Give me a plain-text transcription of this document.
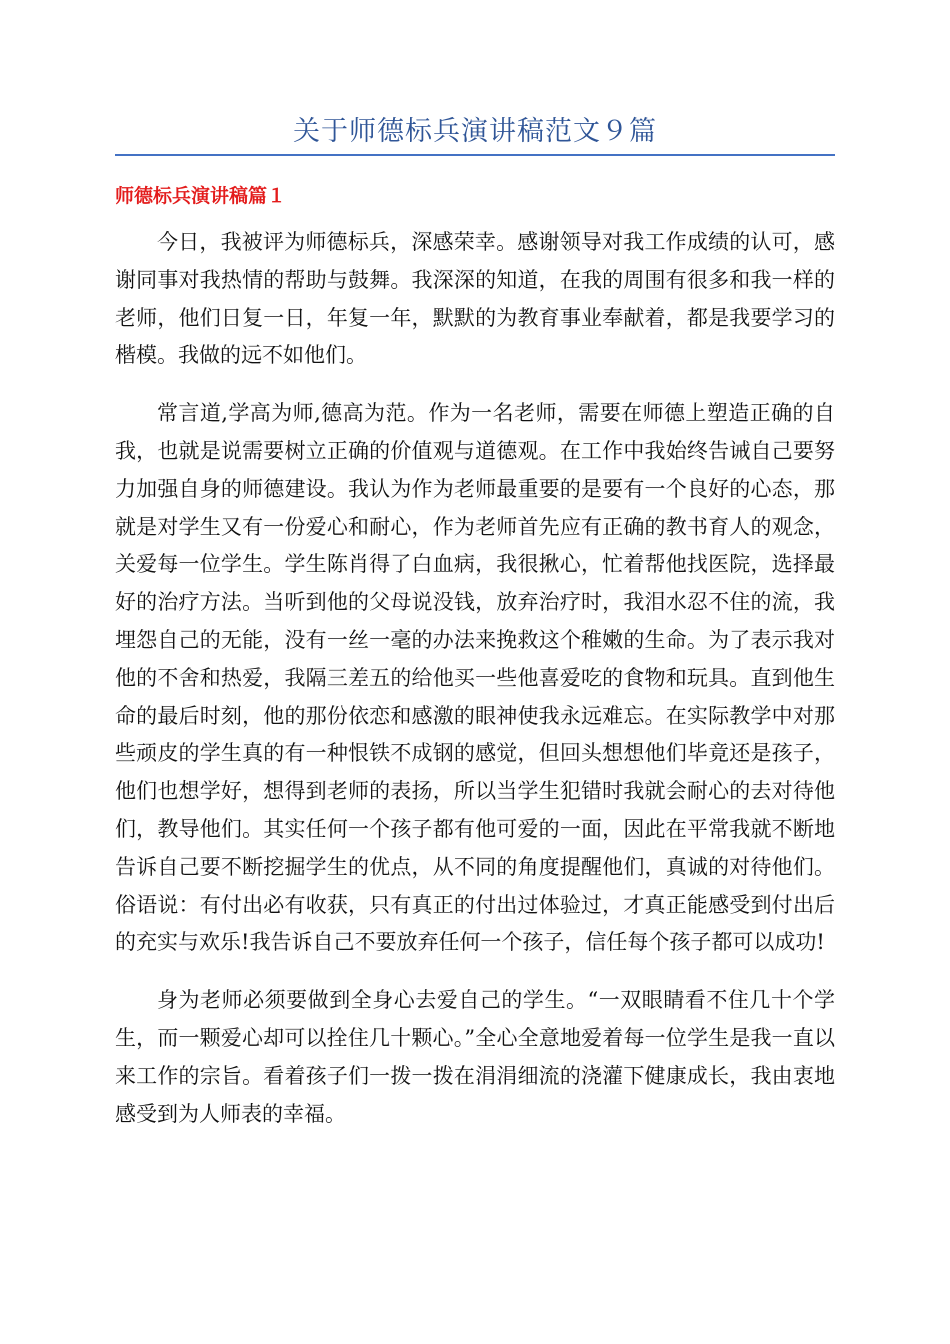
关于师德标兵演讲稿范文９篇
师德标兵演讲稿篇１

今日，我被评为师德标兵，深感荣幸。感谢领导对我工作成绩的认可，感谢同事对我热情的帮助与鼓舞。我深深的知道，在我的周围有很多和我一样的老师，他们日复一日，年复一年，默默的为教育事业奉献着，都是我要学习的楷模。我做的远不如他们。

常言道,学高为师,德高为范。作为一名老师，需要在师德上塑造正确的自我，也就是说需要树立正确的价值观与道德观。在工作中我始终告诫自己要努力加强自身的师德建设。我认为作为老师最重要的是要有一个良好的心态，那就是对学生又有一份爱心和耐心，作为老师首先应有正确的教书育人的观念，关爱每一位学生。学生陈肖得了白血病，我很揪心，忙着帮他找医院，选择最好的治疗方法。当听到他的父母说没钱，放弃治疗时，我泪水忍不住的流，我埋怨自己的无能，没有一丝一毫的办法来挽救这个稚嫩的生命。为了表示我对他的不舍和热爱，我隔三差五的给他买一些他喜爱吃的食物和玩具。直到他生命的最后时刻，他的那份依恋和感激的眼神使我永远难忘。在实际教学中对那些顽皮的学生真的有一种恨铁不成钢的感觉，但回头想想他们毕竟还是孩子，他们也想学好，想得到老师的表扬，所以当学生犯错时我就会耐心的去对待他们，教导他们。其实任何一个孩子都有他可爱的一面，因此在平常我就不断地告诉自己要不断挖掘学生的优点，从不同的角度提醒他们，真诚的对待他们。俗语说：有付出必有收获，只有真正的付出过体验过，才真正能感受到付出后的充实与欢乐!我告诉自己不要放弃任何一个孩子，信任每个孩子都可以成功!

身为老师必须要做到全身心去爱自己的学生。“一双眼睛看不住几十个学生，而一颗爱心却可以拴住几十颗心。”全心全意地爱着每一位学生是我一直以来工作的宗旨。看着孩子们一拨一拨在涓涓细流的浇灌下健康成长，我由衷地感受到为人师表的幸福。
